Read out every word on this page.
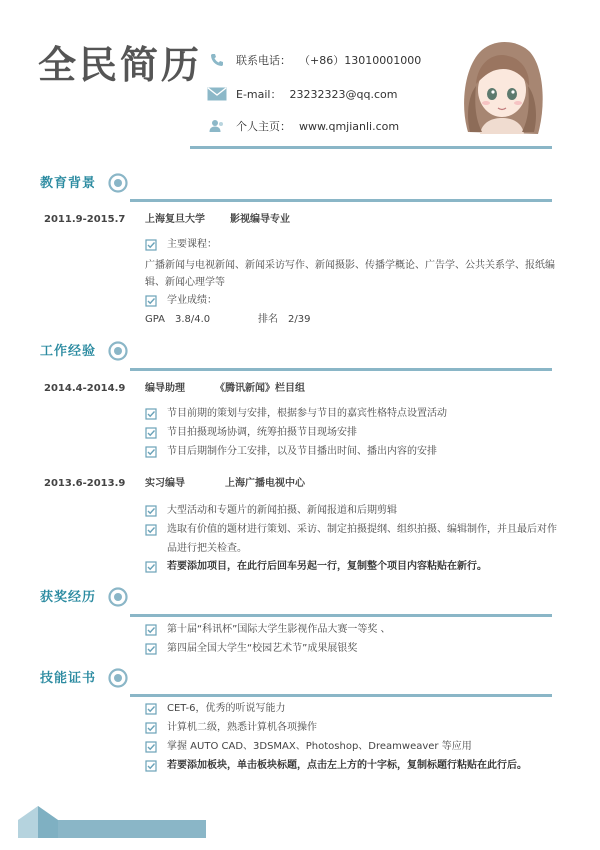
全民简历	联系电话： （+86）13010001000
E-mail： 23232323@qq.com
个人主页： www.qmjianli.com
教育背景
2011.9-2015.7 上海复旦大学	影视编导专业
主要课程：
广播新闻与电视新闻、新闻采访写作、新闻摄影、传播学概论、广告学、公共关系学、报纸编
辑、新闻心理学等
学业成绩：
GPA　3.8/4.0	排名　2/39
工作经验
2014.4-2014.9 编导助理	《腾讯新闻》栏目组
节目前期的策划与安排，根据参与节目的嘉宾性格特点设置活动
节目拍摄现场协调，统筹拍摄节目现场安排
节目后期制作分工安排，以及节目播出时间、播出内容的安排
2013.6-2013.9 实习编导	上海广播电视中心
大型活动和专题片的新闻拍摄、新闻报道和后期剪辑
选取有价值的题材进行策划、采访、制定拍摄提纲、组织拍摄、编辑制作，并且最后对作
品进行把关检查。
若要添加项目，在此行后回车另起一行，复制整个项目内容粘贴在新行。
获奖经历
第十届“科讯杯”国际大学生影视作品大赛一等奖 、
第四届全国大学生“校园艺术节”成果展银奖
技能证书
CET-6，优秀的听说写能力
计算机二级，熟悉计算机各项操作
掌握 AUTO CAD、3DSMAX、Photoshop、Dreamweaver 等应用
若要添加板块，单击板块标题，点击左上方的十字标，复制标题行粘贴在此行后。
